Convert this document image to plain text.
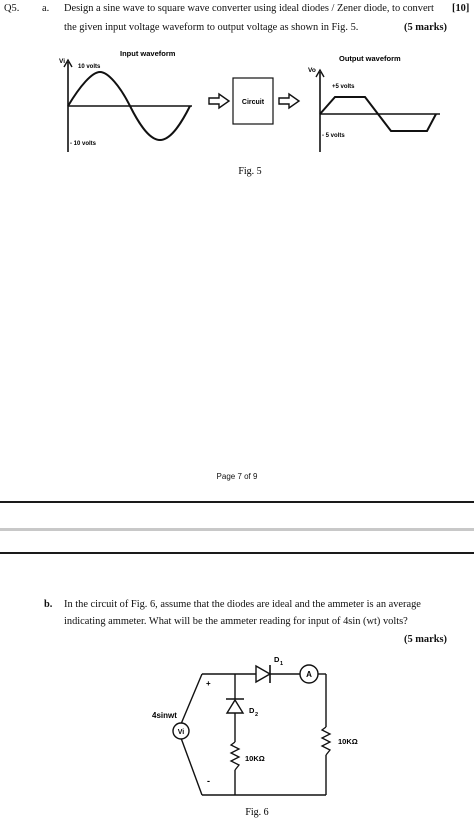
Q5. a. Design a sine wave to square wave converter using ideal diodes / Zener diode, to convert	[10]
the given input voltage waveform to output voltage as shown in Fig. 5.	(5 marks)
Input waveform
Vi
10 volts
- 10 volts
Circuit
Output waveform
Vo
+5 volts
- 5 volts
Fig. 5
Page 7 of 9
b. In the circuit of Fig. 6, assume that the diodes are ideal and the ammeter is an average
indicating ammeter. What will be the ammeter reading for input of 4sin (wt) volts?
(5 marks)
D 1
A
D 2
10KΩ
10KΩ
Vi
4sinwt
+
-
Fig. 6
